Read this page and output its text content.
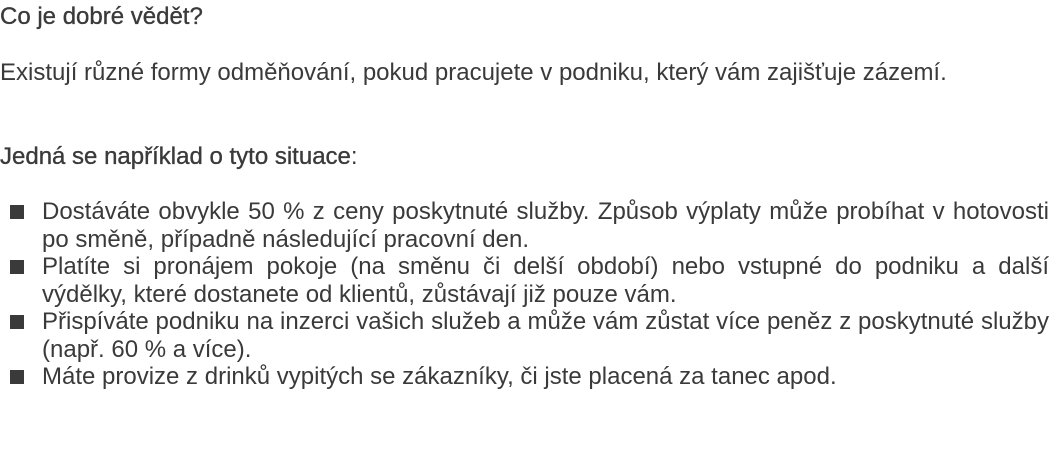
Co je dobré vědět?

Existují různé formy odměňování, pokud pracujete v podniku, který vám zajišťuje zázemí.

Jedná se například o tyto situace:
Dostáváte obvykle 50 % z ceny poskytnuté služby. Způsob výplaty může probíhat v hotovosti po směně, případně následující pracovní den.
Platíte si pronájem pokoje (na směnu či delší období) nebo vstupné do podniku a další výdělky, které dostanete od klientů, zůstávají již pouze vám.
Přispíváte podniku na inzerci vašich služeb a může vám zůstat více peněz z poskytnuté služby (např. 60 % a více).
Máte provize z drinků vypitých se zákazníky, či jste placená za tanec apod.
